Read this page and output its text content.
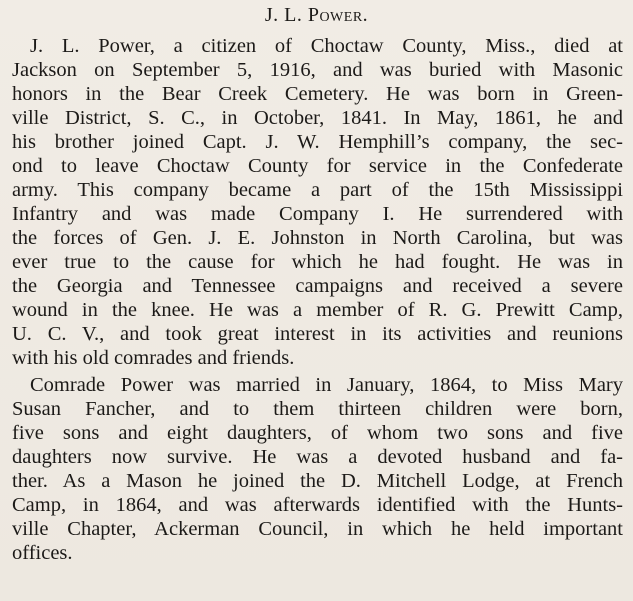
J. L. Power.
J. L. Power, a citizen of Choctaw County, Miss., died at
Jackson on September 5, 1916, and was buried with Masonic
honors in the Bear Creek Cemetery. He was born in Green-
ville District, S. C., in October, 1841. In May, 1861, he and
his brother joined Capt. J. W. Hemphill’s company, the sec-
ond to leave Choctaw County for service in the Confederate
army. This company became a part of the 15th Mississippi
Infantry and was made Company I. He surrendered with
the forces of Gen. J. E. Johnston in North Carolina, but was
ever true to the cause for which he had fought. He was in
the Georgia and Tennessee campaigns and received a severe
wound in the knee. He was a member of R. G. Prewitt Camp,
U. C. V., and took great interest in its activities and reunions
with his old comrades and friends.
Comrade Power was married in January, 1864, to Miss Mary
Susan Fancher, and to them thirteen children were born,
five sons and eight daughters, of whom two sons and five
daughters now survive. He was a devoted husband and fa-
ther. As a Mason he joined the D. Mitchell Lodge, at French
Camp, in 1864, and was afterwards identified with the Hunts-
ville Chapter, Ackerman Council, in which he held important
offices.
